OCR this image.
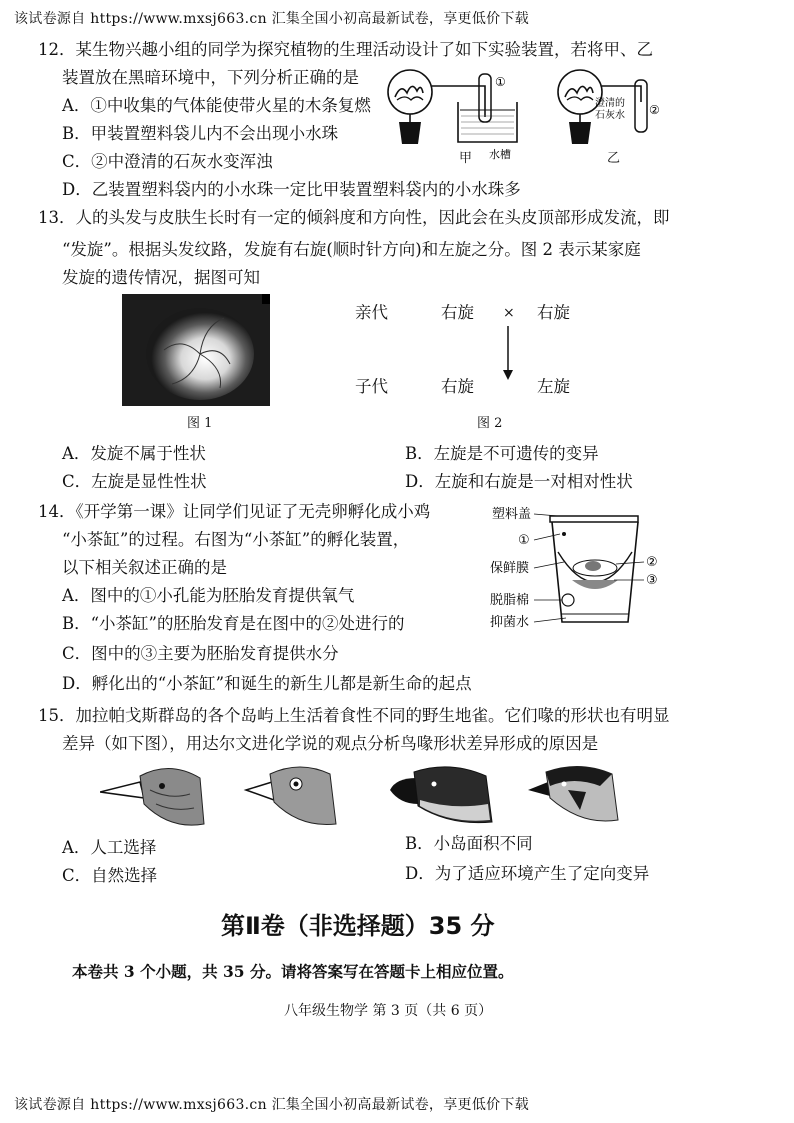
该试卷源自 https://www.mxsj663.cn 汇集全国小初高最新试卷，享更低价下载
12．某生物兴趣小组的同学为探究植物的生理活动设计了如下实验装置，若将甲、乙
装置放在黑暗环境中，下列分析正确的是
A．①中收集的气体能使带火星的木条复燃
B．甲装置塑料袋儿内不会出现小水珠
C．②中澄清的石灰水变浑浊
D．乙装置塑料袋内的小水珠一定比甲装置塑料袋内的小水珠多
①
水槽
澄清的
石灰水 ②
甲	乙
13．人的头发与皮肤生长时有一定的倾斜度和方向性，因此会在头皮顶部形成发流，即
“发旋”。根据头发纹路，发旋有右旋(顺时针方向)和左旋之分。图 2 表示某家庭
发旋的遗传情况，据图可知
图 1
亲代	右旋 × 右旋
子代	右旋	左旋
图 2
A．发旋不属于性状	B．左旋是不可遗传的变异
C．左旋是显性性状	D．左旋和右旋是一对相对性状
14．《开学第一课》让同学们见证了无壳卵孵化成小鸡
“小茶缸”的过程。右图为“小茶缸”的孵化装置，
以下相关叙述正确的是
A．图中的①小孔能为胚胎发育提供氧气
B．“小茶缸”的胚胎发育是在图中的②处进行的
C．图中的③主要为胚胎发育提供水分
D．孵化出的“小茶缸”和诞生的新生儿都是新生命的起点
塑料盖
①
保鲜膜	②
③
脱脂棉
抑菌水
15．加拉帕戈斯群岛的各个岛屿上生活着食性不同的野生地雀。它们喙的形状也有明显
差异（如下图），用达尔文进化学说的观点分析鸟喙形状差异形成的原因是
A．人工选择	B．小岛面积不同
C．自然选择	D．为了适应环境产生了定向变异
第Ⅱ卷（非选择题）35 分
本卷共 3 个小题，共 35 分。请将答案写在答题卡上相应位置。
八年级生物学 第 3 页（共 6 页）
该试卷源自 https://www.mxsj663.cn 汇集全国小初高最新试卷，享更低价下载
